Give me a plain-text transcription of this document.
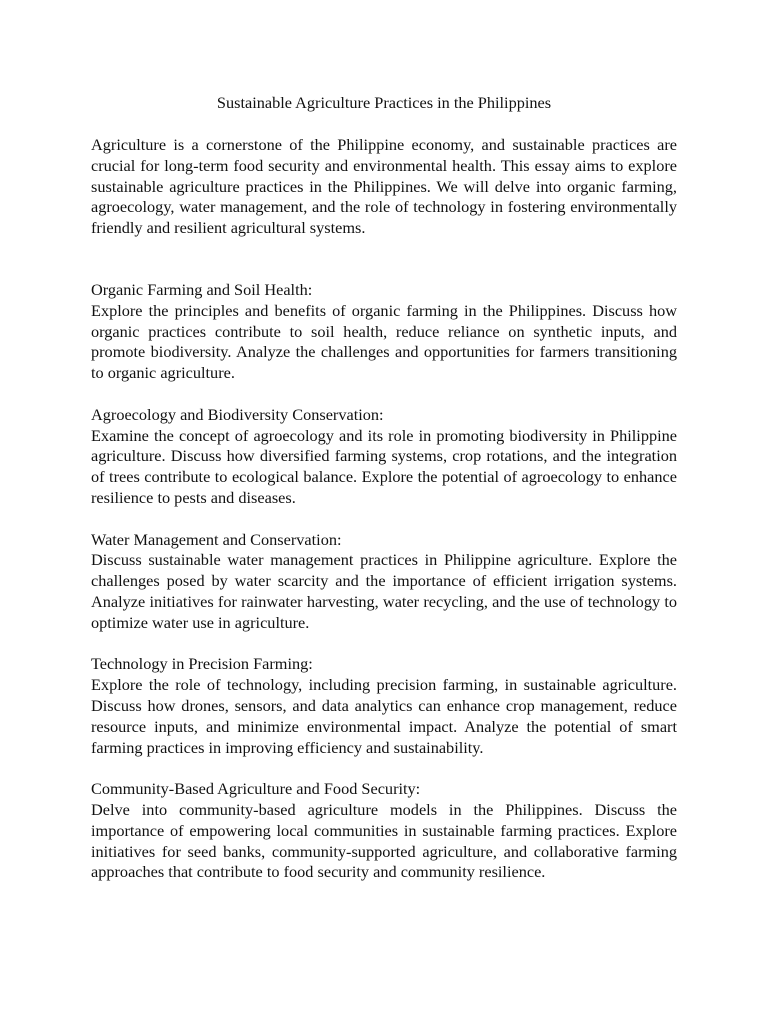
Sustainable Agriculture Practices in the Philippines

Agriculture is a cornerstone of the Philippine economy, and sustainable practices are crucial for long-term food security and environmental health. This essay aims to explore sustainable agriculture practices in the Philippines. We will delve into organic farming, agroecology, water management, and the role of technology in fostering environmentally friendly and resilient agricultural systems.

Organic Farming and Soil Health:

Explore the principles and benefits of organic farming in the Philippines. Discuss how organic practices contribute to soil health, reduce reliance on synthetic inputs, and promote biodiversity. Analyze the challenges and opportunities for farmers transitioning to organic agriculture.

Agroecology and Biodiversity Conservation:

Examine the concept of agroecology and its role in promoting biodiversity in Philippine agriculture. Discuss how diversified farming systems, crop rotations, and the integration of trees contribute to ecological balance. Explore the potential of agroecology to enhance resilience to pests and diseases.

Water Management and Conservation:

Discuss sustainable water management practices in Philippine agriculture. Explore the challenges posed by water scarcity and the importance of efficient irrigation systems. Analyze initiatives for rainwater harvesting, water recycling, and the use of technology to optimize water use in agriculture.

Technology in Precision Farming:

Explore the role of technology, including precision farming, in sustainable agriculture. Discuss how drones, sensors, and data analytics can enhance crop management, reduce resource inputs, and minimize environmental impact. Analyze the potential of smart farming practices in improving efficiency and sustainability.

Community-Based Agriculture and Food Security:

Delve into community-based agriculture models in the Philippines. Discuss the importance of empowering local communities in sustainable farming practices. Explore initiatives for seed banks, community-supported agriculture, and collaborative farming approaches that contribute to food security and community resilience.
